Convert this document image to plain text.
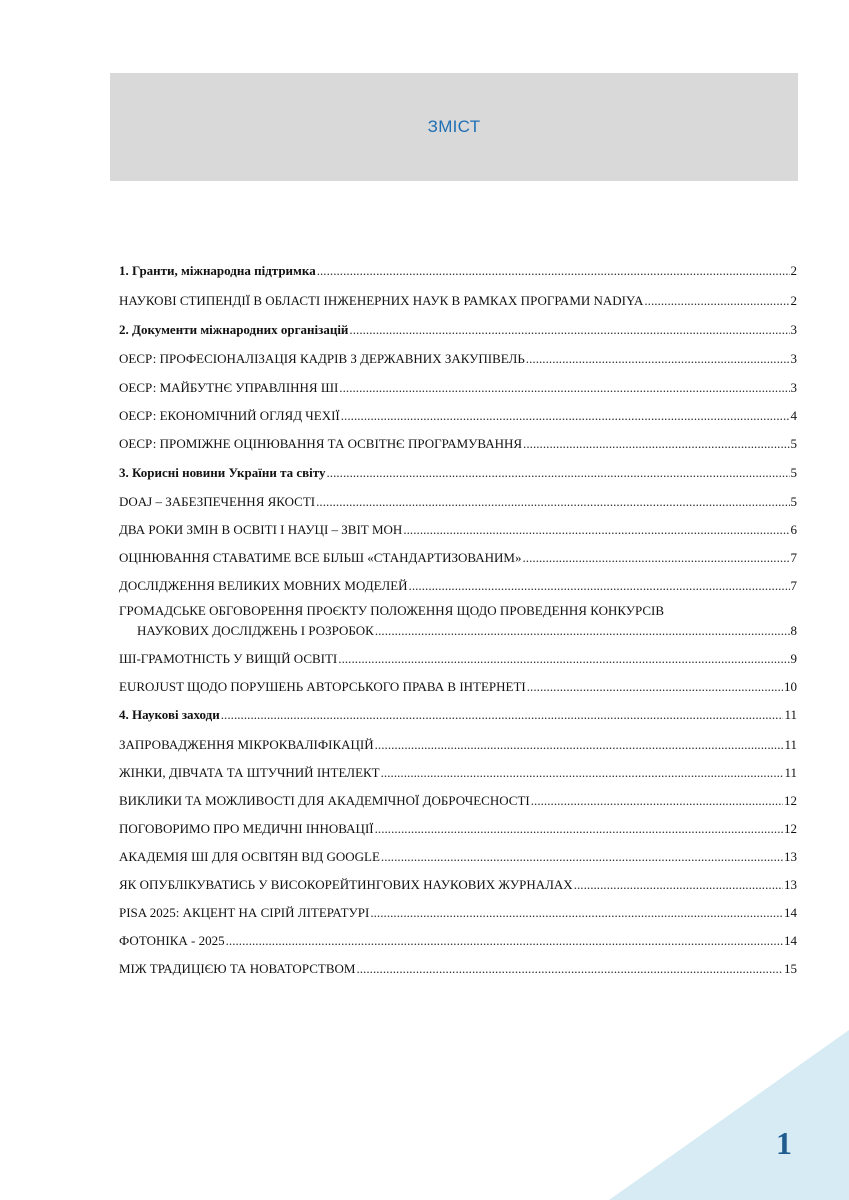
ЗМІСТ
1. Гранти, міжнародна підтримка . . .	2
НАУКОВІ СТИПЕНДІЇ В ОБЛАСТІ ІНЖЕНЕРНИХ НАУК В РАМКАХ ПРОГРАМИ NADIYA . . .	2
2. Документи міжнародних організацій . . .	3
ОЕСР: ПРОФЕСІОНАЛІЗАЦІЯ КАДРІВ З ДЕРЖАВНИХ ЗАКУПІВЕЛЬ . . .	3
ОЕСР: МАЙБУТНЄ УПРАВЛІННЯ ШІ . . .	3
ОЕСР: ЕКОНОМІЧНИЙ ОГЛЯД ЧЕХІЇ . . .	4
ОЕСР: ПРОМІЖНЕ ОЦІНЮВАННЯ ТА ОСВІТНЄ ПРОГРАМУВАННЯ . . .	5
3. Корисні новини України та світу . . .	5
DOAJ – ЗАБЕЗПЕЧЕННЯ ЯКОСТІ . . .	5
ДВА РОКИ ЗМІН В ОСВІТІ І НАУЦІ – ЗВІТ МОН . . .	6
ОЦІНЮВАННЯ СТАВАТИМЕ ВСЕ БІЛЬШ «СТАНДАРТИЗОВАНИМ» . . .	7
ДОСЛІДЖЕННЯ ВЕЛИКИХ МОВНИХ МОДЕЛЕЙ . . .	7
ГРОМАДСЬКЕ ОБГОВОРЕННЯ ПРОЄКТУ ПОЛОЖЕННЯ ЩОДО ПРОВЕДЕННЯ КОНКУРСІВ
НАУКОВИХ ДОСЛІДЖЕНЬ І РОЗРОБОК . . .	8
ШІ-ГРАМОТНІСТЬ У ВИЩІЙ ОСВІТІ . . .	9
EUROJUST ЩОДО ПОРУШЕНЬ АВТОРСЬКОГО ПРАВА В ІНТЕРНЕТІ . . .	10
4. Наукові заходи . . .	11
ЗАПРОВАДЖЕННЯ МІКРОКВАЛІФІКАЦІЙ . . .	11
ЖІНКИ, ДІВЧАТА ТА ШТУЧНИЙ ІНТЕЛЕКТ . . .	11
ВИКЛИКИ ТА МОЖЛИВОСТІ ДЛЯ АКАДЕМІЧНОЇ ДОБРОЧЕСНОСТІ . . .	12
ПОГОВОРИМО ПРО МЕДИЧНІ ІННОВАЦІЇ . . .	12
АКАДЕМІЯ ШІ ДЛЯ ОСВІТЯН ВІД GOOGLE . . .	13
ЯК ОПУБЛІКУВАТИСЬ У ВИСОКОРЕЙТИНГОВИХ НАУКОВИХ ЖУРНАЛАХ . . .	13
PISA 2025: АКЦЕНТ НА СІРІЙ ЛІТЕРАТУРІ . . .	14
ФОТОНІКА - 2025 . . .	14
МІЖ ТРАДИЦІЄЮ ТА НОВАТОРСТВОМ . . .	15
1
